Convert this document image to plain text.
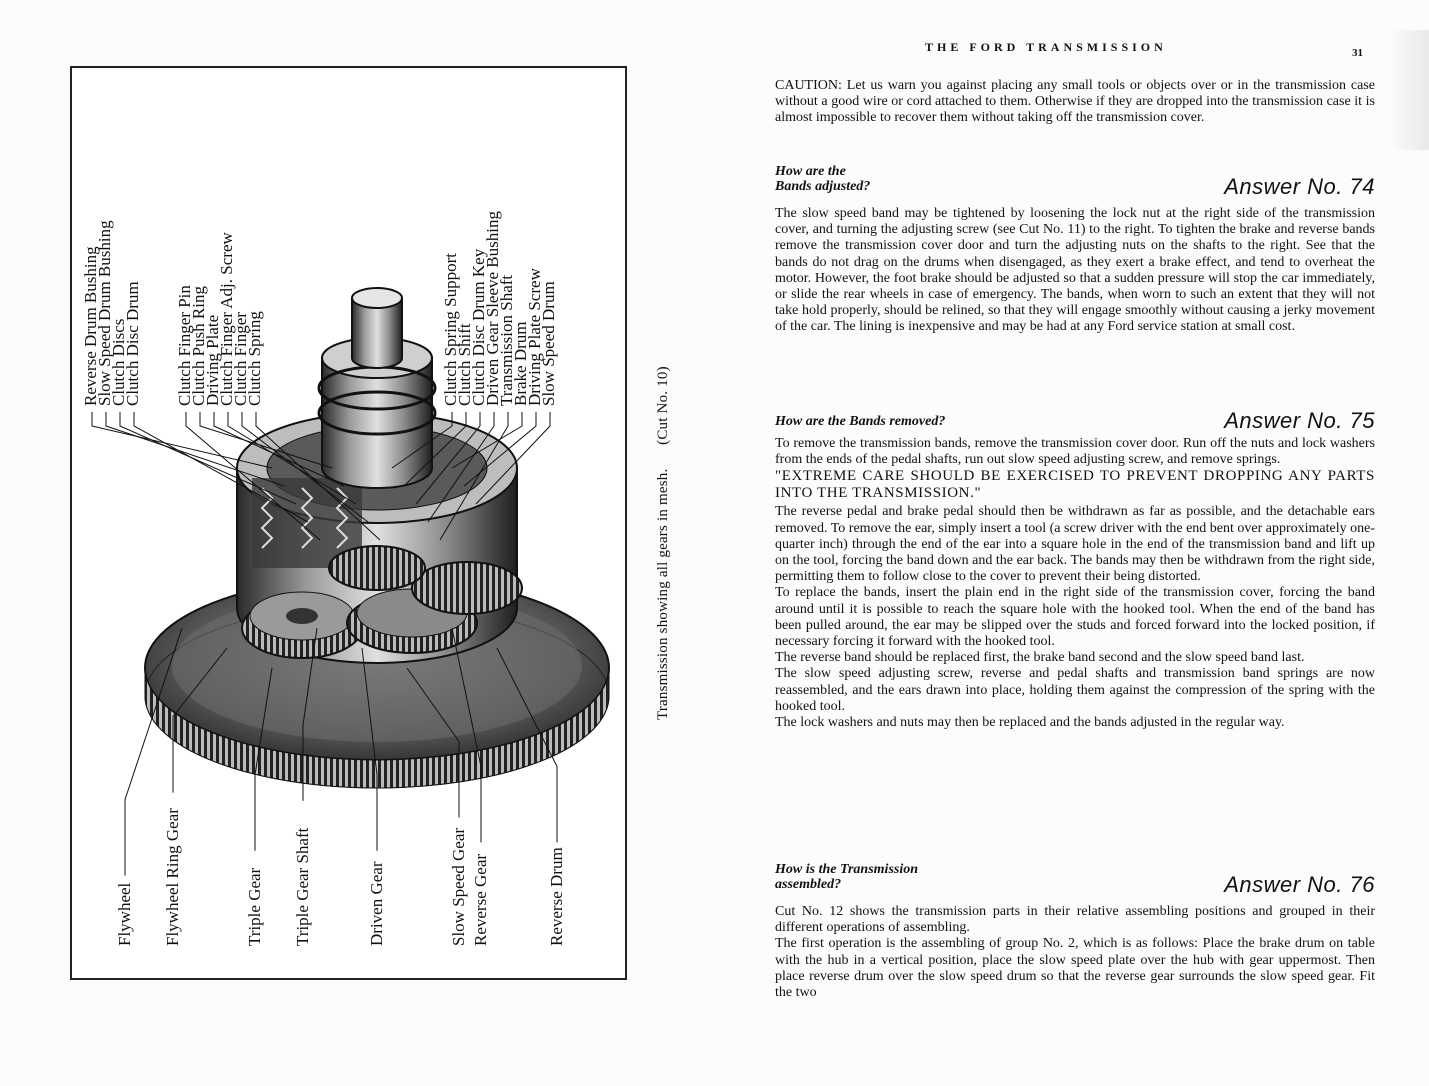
Reverse Drum Bushing
Slow Speed Drum Bushing
Clutch Discs
Clutch Disc Drum Clutch Finger Pin
Clutch Push Ring
Driving Plate
Clutch Finger Adj. Screw
Clutch Finger
Clutch Spring	Clutch Spring Support
Clutch Shift
Clutch Disc Drum Key
Driven Gear Sleeve Bushing
Transmission Shaft
Brake Drum
Driving Plate Screw
Slow Speed Drum
Flywheel Flywheel Ring Gear	Triple Gear Triple Gear Shaft	Driven Gear	Slow Speed Gear Reverse Gear	Reverse Drum
Transmission showing all gears in mesh.      (Cut No. 10)
THE FORD TRANSMISSION	31

CAUTION: Let us warn you against placing any small tools or objects over or in the transmission case without a good wire or cord attached to them. Otherwise if they are dropped into the transmission case it is almost impossible to recover them without taking off the transmission cover.

How are the
Bands adjusted?	Answer No. 74

The slow speed band may be tightened by loosening the lock nut at the right side of the transmission cover, and turning the adjusting screw (see Cut No. 11) to the right. To tighten the brake and reverse bands remove the transmission cover door and turn the adjusting nuts on the shafts to the right. See that the bands do not drag on the drums when disengaged, as they exert a brake effect, and tend to overheat the motor. However, the foot brake should be adjusted so that a sudden pressure will stop the car immediately, or slide the rear wheels in case of emergency. The bands, when worn to such an extent that they will not take hold properly, should be relined, so that they will engage smoothly without causing a jerky movement of the car. The lining is inexpensive and may be had at any Ford service station at small cost.

How are the Bands removed?	Answer No. 75

To remove the transmission bands, remove the transmission cover door. Run off the nuts and lock washers from the ends of the pedal shafts, run out slow speed adjusting screw, and remove springs.

"EXTREME CARE SHOULD BE EXERCISED TO PREVENT DROPPING ANY PARTS INTO THE TRANSMISSION."

The reverse pedal and brake pedal should then be withdrawn as far as possible, and the detachable ears removed. To remove the ear, simply insert a tool (a screw driver with the end bent over approximately one-quarter inch) through the end of the ear into a square hole in the end of the transmission band and lift up on the tool, forcing the band down and the ear back. The bands may then be withdrawn from the right side, permitting them to follow close to the cover to prevent their being distorted.

To replace the bands, insert the plain end in the right side of the transmission cover, forcing the band around until it is possible to reach the square hole with the hooked tool. When the end of the band has been pulled around, the ear may be slipped over the studs and forced forward into the locked position, if necessary forcing it forward with the hooked tool.

The reverse band should be replaced first, the brake band second and the slow speed band last.

The slow speed adjusting screw, reverse and pedal shafts and transmission band springs are now reassembled, and the ears drawn into place, holding them against the compression of the spring with the hooked tool.

The lock washers and nuts may then be replaced and the bands adjusted in the regular way.

How is the Transmission
assembled?	Answer No. 76

Cut No. 12 shows the transmission parts in their relative assembling positions and grouped in their different operations of assembling.

The first operation is the assembling of group No. 2, which is as follows: Place the brake drum on table with the hub in a vertical position, place the slow speed plate over the hub with gear uppermost. Then place reverse drum over the slow speed drum so that the reverse gear surrounds the slow speed gear. Fit the two
